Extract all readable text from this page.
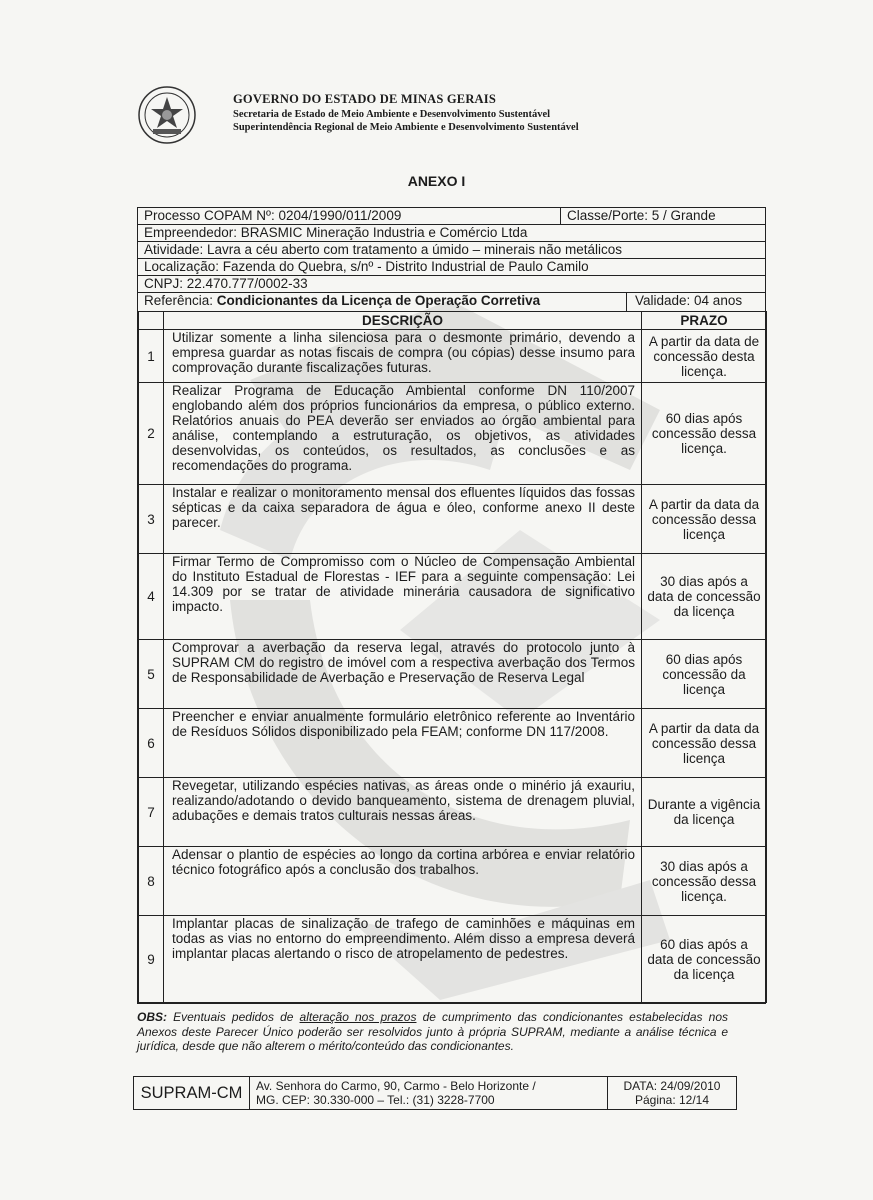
GOVERNO DO ESTADO DE MINAS GERAIS
Secretaria de Estado de Meio Ambiente e Desenvolvimento Sustentável
Superintendência Regional de Meio Ambiente e Desenvolvimento Sustentável
ANEXO I
Processo COPAM Nº: 0204/1990/011/2009	Classe/Porte: 5 / Grande
Empreendedor: BRASMIC Mineração Industria e Comércio Ltda
Atividade: Lavra a céu aberto com tratamento a úmido – minerais não metálicos
Localização: Fazenda do Quebra, s/nº - Distrito Industrial de Paulo Camilo
CNPJ: 22.470.777/0002-33
Referência: Condicionantes da Licença de Operação Corretiva	Validade: 04 anos
	DESCRIÇÃO	PRAZO
1	Utilizar somente a linha silenciosa para o desmonte primário, devendo a empresa guardar as notas fiscais de compra (ou cópias) desse insumo para comprovação durante fiscalizações futuras.	A partir da data de concessão desta licença.
2	Realizar Programa de Educação Ambiental conforme DN 110/2007 englobando além dos próprios funcionários da empresa, o público externo. Relatórios anuais do PEA deverão ser enviados ao órgão ambiental para análise, contemplando a estruturação, os objetivos, as atividades desenvolvidas, os conteúdos, os resultados, as conclusões e as recomendações do programa.	60 dias após concessão dessa licença.
3	Instalar e realizar o monitoramento mensal dos efluentes líquidos das fossas sépticas e da caixa separadora de água e óleo, conforme anexo II deste parecer.	A partir da data da concessão dessa licença
4	Firmar Termo de Compromisso com o Núcleo de Compensação Ambiental do Instituto Estadual de Florestas - IEF para a seguinte compensação: Lei 14.309 por se tratar de atividade minerária causadora de significativo impacto.	30 dias após a data de concessão da licença
5	Comprovar a averbação da reserva legal, através do protocolo junto à SUPRAM CM do registro de imóvel com a respectiva averbação dos Termos de Responsabilidade de Averbação e Preservação de Reserva Legal	60 dias após concessão da licença
6	Preencher e enviar anualmente formulário eletrônico referente ao Inventário de Resíduos Sólidos disponibilizado pela FEAM; conforme DN 117/2008.	A partir da data da concessão dessa licença
7	Revegetar, utilizando espécies nativas, as áreas onde o minério já exauriu, realizando/adotando o devido banqueamento, sistema de drenagem pluvial, adubações e demais tratos culturais nessas áreas.	Durante a vigência da licença
8	Adensar o plantio de espécies ao longo da cortina arbórea e enviar relatório técnico fotográfico após a conclusão dos trabalhos.	30 dias após a concessão dessa licença.
9	Implantar placas de sinalização de trafego de caminhões e máquinas em todas as vias no entorno do empreendimento. Além disso a empresa deverá implantar placas alertando o risco de atropelamento de pedestres.	60 dias após a data de concessão da licença
OBS: Eventuais pedidos de alteração nos prazos de cumprimento das condicionantes estabelecidas nos Anexos deste Parecer Único poderão ser resolvidos junto à própria SUPRAM, mediante a análise técnica e jurídica, desde que não alterem o mérito/conteúdo das condicionantes.
SUPRAM-CM	Av. Senhora do Carmo, 90, Carmo - Belo Horizonte /
MG. CEP: 30.330-000 – Tel.: (31) 3228-7700
DATA: 24/09/2010
Página: 12/14
